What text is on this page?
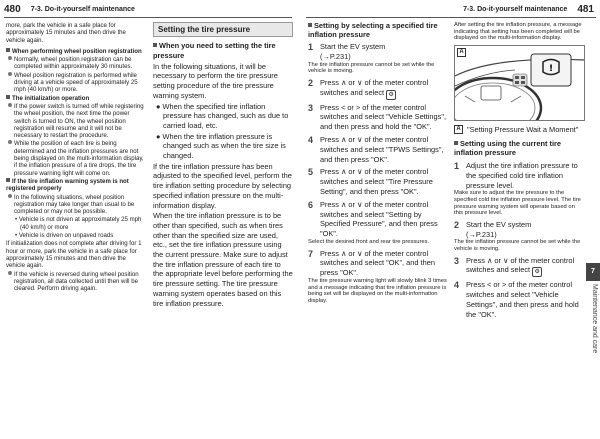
480 7-3. Do-it-yourself maintenance	7-3. Do-it-yourself maintenance 481

more, park the vehicle in a safe place for approximately 15 minutes and then drive the vehicle again.

When performing wheel position registration

Normally, wheel position registration can be completed within approximately 30 minutes.

Wheel position registration is performed while driving at a vehicle speed of approximately 25 mph (40 km/h) or more.

The initialization operation

If the power switch is turned off while registering the wheel position, the next time the power switch is turned to ON, the wheel position registration will resume and it will not be necessary to restart the procedure.

While the position of each tire is being determined and the inflation pressures are not being displayed on the multi-information display, if the inflation pressure of a tire drops, the tire pressure warning light will come on.

If the tire inflation warning system is not registered properly

In the following situations, wheel position registration may take longer than usual to be completed or may not be possible.

• Vehicle is not driven at approximately 25 mph (40 km/h) or more

• Vehicle is driven on unpaved roads

If initialization does not complete after driving for 1 hour or more, park the vehicle in a safe place for approximately 15 minutes and then drive the vehicle again.

If the vehicle is reversed during wheel position registration, all data collected until then will be cleared. Perform driving again.

Setting the tire pressure

When you need to setting the tire pressure

In the following situations, it will be necessary to perform the tire pressure setting procedure of the tire pressure warning system.

● When the specified tire inflation pressure has changed, such as due to carried load, etc.

● When the tire inflation pressure is changed such as when the tire size is changed.

If the tire inflation pressure has been adjusted to the specified level, perform the tire inflation setting procedure by selecting specified inflation pressure on the multi-information display.

When the tire inflation pressure is to be other than specified, such as when tires other than the specified size are used, etc., set the tire inflation pressure using the current pressure. Make sure to adjust the tire inflation pressure of each tire to the appropriate level before performing the tire pressure setting. The tire pressure warning system operates based on this tire inflation pressure.

Setting by selecting a specified tire inflation pressure

1 Start the EV system
(→P.231)

The tire inflation pressure cannot be set while the vehicle is moving.

2 Press ∧ or ∨ of the meter control switches and select ⚙
3 Press < or > of the meter control switches and select "Vehicle Settings", and then press and hold the "OK".
4 Press ∧ or ∨ of the meter control switches and select "TPWS Settings", and then press "OK".
5 Press ∧ or ∨ of the meter control switches and select "Tire Pressure Setting", and then press "OK".
6 Press ∧ or ∨ of the meter control switches and select "Setting by Specified Pressure", and then press "OK".

Select the desired front and rear tire pressures.

7 Press ∧ or ∨ of the meter control switches and select "OK", and then press "OK".

The tire pressure warning light will slowly blink 3 times and a message indicating that tire inflation pressure is being set will be displayed on the multi-information display.

After setting the tire inflation pressure, a message indicating that setting has been completed will be displayed on the multi-information display.

!
A
A "Setting Pressure Wait a Moment"

Setting using the current tire inflation pressure

1 Adjust the tire inflation pressure to the specified cold tire inflation pressure level.

Make sure to adjust the tire pressure to the specified cold tire inflation pressure level. The tire pressure warning system will operate based on this pressure level.

2 Start the EV system
(→P.231)

The tire inflation pressure cannot be set while the vehicle is moving.

3 Press ∧ or ∨ of the meter control switches and select ⚙
4 Press < or > of the meter control switches and select "Vehicle Settings", and then press and hold the "OK".
7
Maintenance and care
